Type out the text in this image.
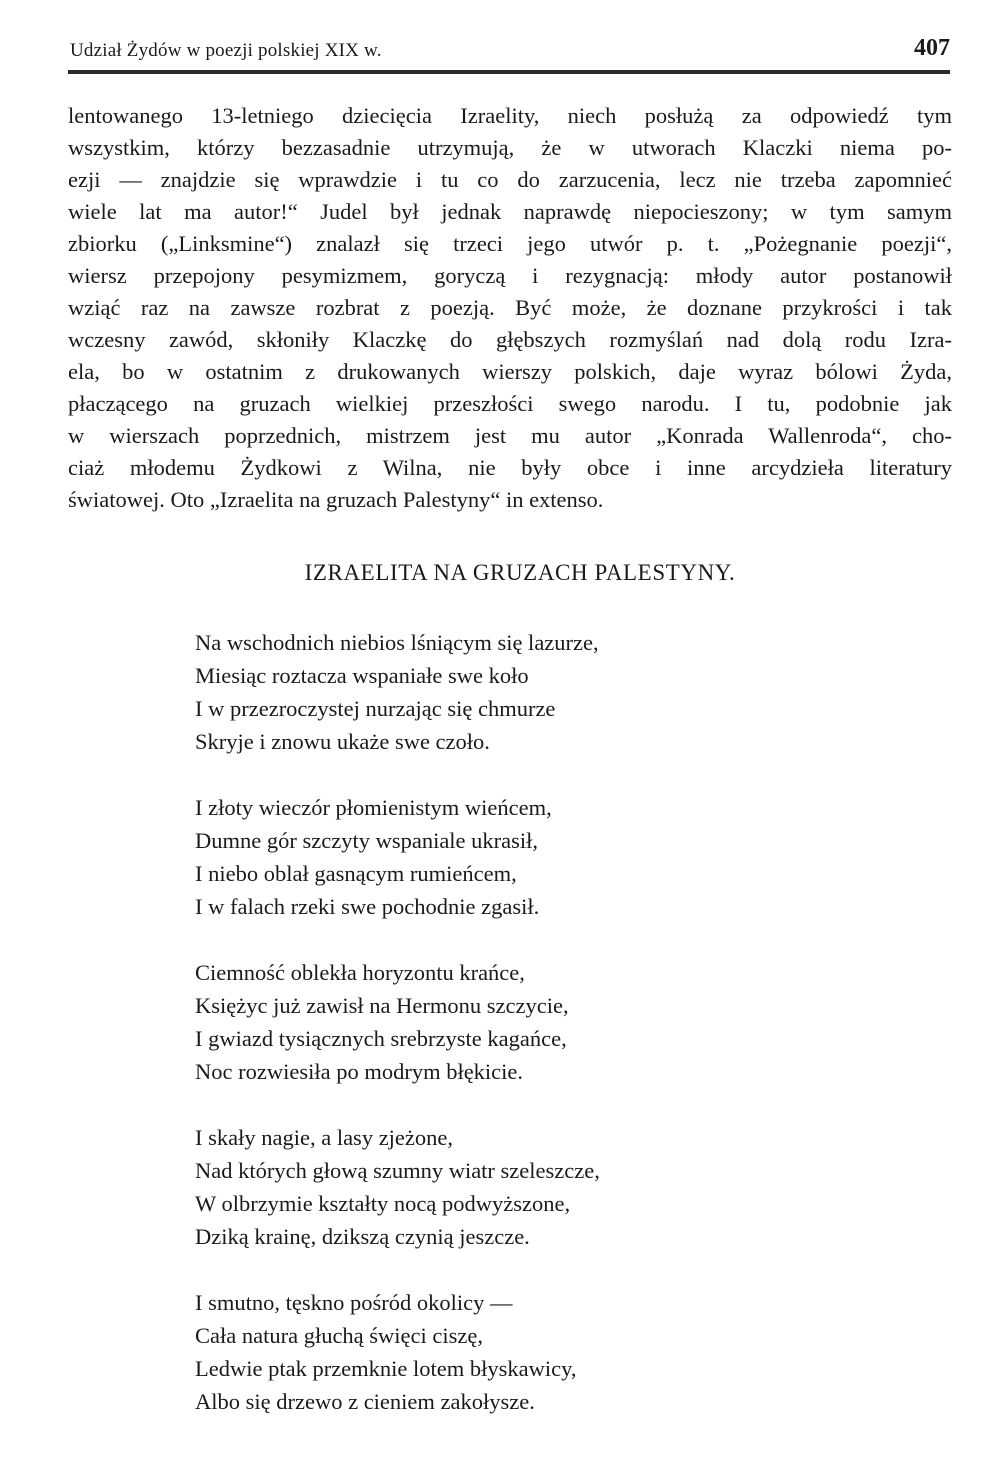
Udział Żydów w poezji polskiej XIX w.	407
lentowanego 13-letniego dziecięcia Izraelity, niech posłużą za odpowiedź tym
wszystkim, którzy bezzasadnie utrzymują, że w utworach Klaczki niema po-
ezji — znajdzie się wprawdzie i tu co do zarzucenia, lecz nie trzeba zapomnieć
wiele lat ma autor!“ Judel był jednak naprawdę niepocieszony; w tym samym
zbiorku („Linksmine“) znalazł się trzeci jego utwór p. t. „Pożegnanie poezji“,
wiersz przepojony pesymizmem, goryczą i rezygnacją: młody autor postanowił
wziąć raz na zawsze rozbrat z poezją. Być może, że doznane przykrości i tak
wczesny zawód, skłoniły Klaczkę do głębszych rozmyślań nad dolą rodu Izra-
ela, bo w ostatnim z drukowanych wierszy polskich, daje wyraz bólowi Żyda,
płaczącego na gruzach wielkiej przeszłości swego narodu. I tu, podobnie jak
w wierszach poprzednich, mistrzem jest mu autor „Konrada Wallenroda“, cho-
ciaż młodemu Żydkowi z Wilna, nie były obce i inne arcydzieła literatury
światowej. Oto „Izraelita na gruzach Palestyny“ in extenso.
IZRAELITA NA GRUZACH PALESTYNY.
Na wschodnich niebios lśniącym się lazurze,
Miesiąc roztacza wspaniałe swe koło
I w przezroczystej nurzając się chmurze
Skryje i znowu ukaże swe czoło.
I złoty wieczór płomienistym wieńcem,
Dumne gór szczyty wspaniale ukrasił,
I niebo oblał gasnącym rumieńcem,
I w falach rzeki swe pochodnie zgasił.
Ciemność oblekła horyzontu krańce,
Księżyc już zawisł na Hermonu szczycie,
I gwiazd tysiącznych srebrzyste kagańce,
Noc rozwiesiła po modrym błękicie.
I skały nagie, a lasy zjeżone,
Nad których głową szumny wiatr szeleszcze,
W olbrzymie kształty nocą podwyższone,
Dziką krainę, dzikszą czynią jeszcze.
I smutno, tęskno pośród okolicy —
Cała natura głuchą święci ciszę,
Ledwie ptak przemknie lotem błyskawicy,
Albo się drzewo z cieniem zakołysze.
